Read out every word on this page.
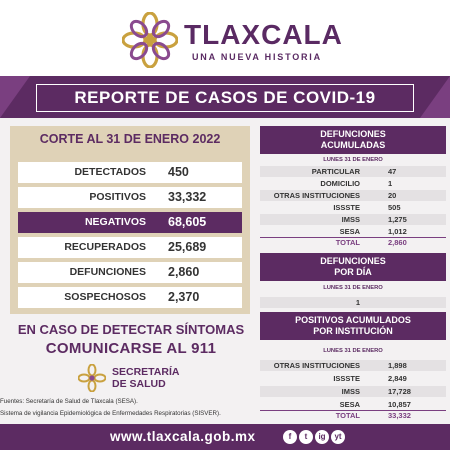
TLAXCALA
UNA NUEVA HISTORIA
REPORTE DE CASOS DE COVID-19
CORTE AL 31 DE ENERO 2022
DETECTADOS 450
POSITIVOS 33,332
NEGATIVOS 68,605
RECUPERADOS 25,689
DEFUNCIONES 2,860
SOSPECHOSOS 2,370
EN CASO DE DETECTAR SÍNTOMAS
COMUNICARSE AL 911
SECRETARÍA
DE SALUD
Fuentes: Secretaría de Salud de Tlaxcala (SESA).
Sistema de vigilancia Epidemiológica de Enfermedades Respiratorias (SISVER).
DEFUNCIONES
ACUMULADAS
LUNES 31 DE ENERO
PARTICULAR	47
DOMICILIO	1
OTRAS INSTITUCIONES	20
ISSSTE	505
IMSS	1,275
SESA	1,012
TOTAL	2,860
DEFUNCIONES
POR DÍA
LUNES 31 DE ENERO
1
POSITIVOS ACUMULADOS
POR INSTITUCIÓN
LUNES 31 DE ENERO
OTRAS INSTITUCIONES	1,898
ISSSTE	2,849
IMSS	17,728
SESA	10,857
TOTAL	33,332
www.tlaxcala.gob.mx	f	t	ig	yt
